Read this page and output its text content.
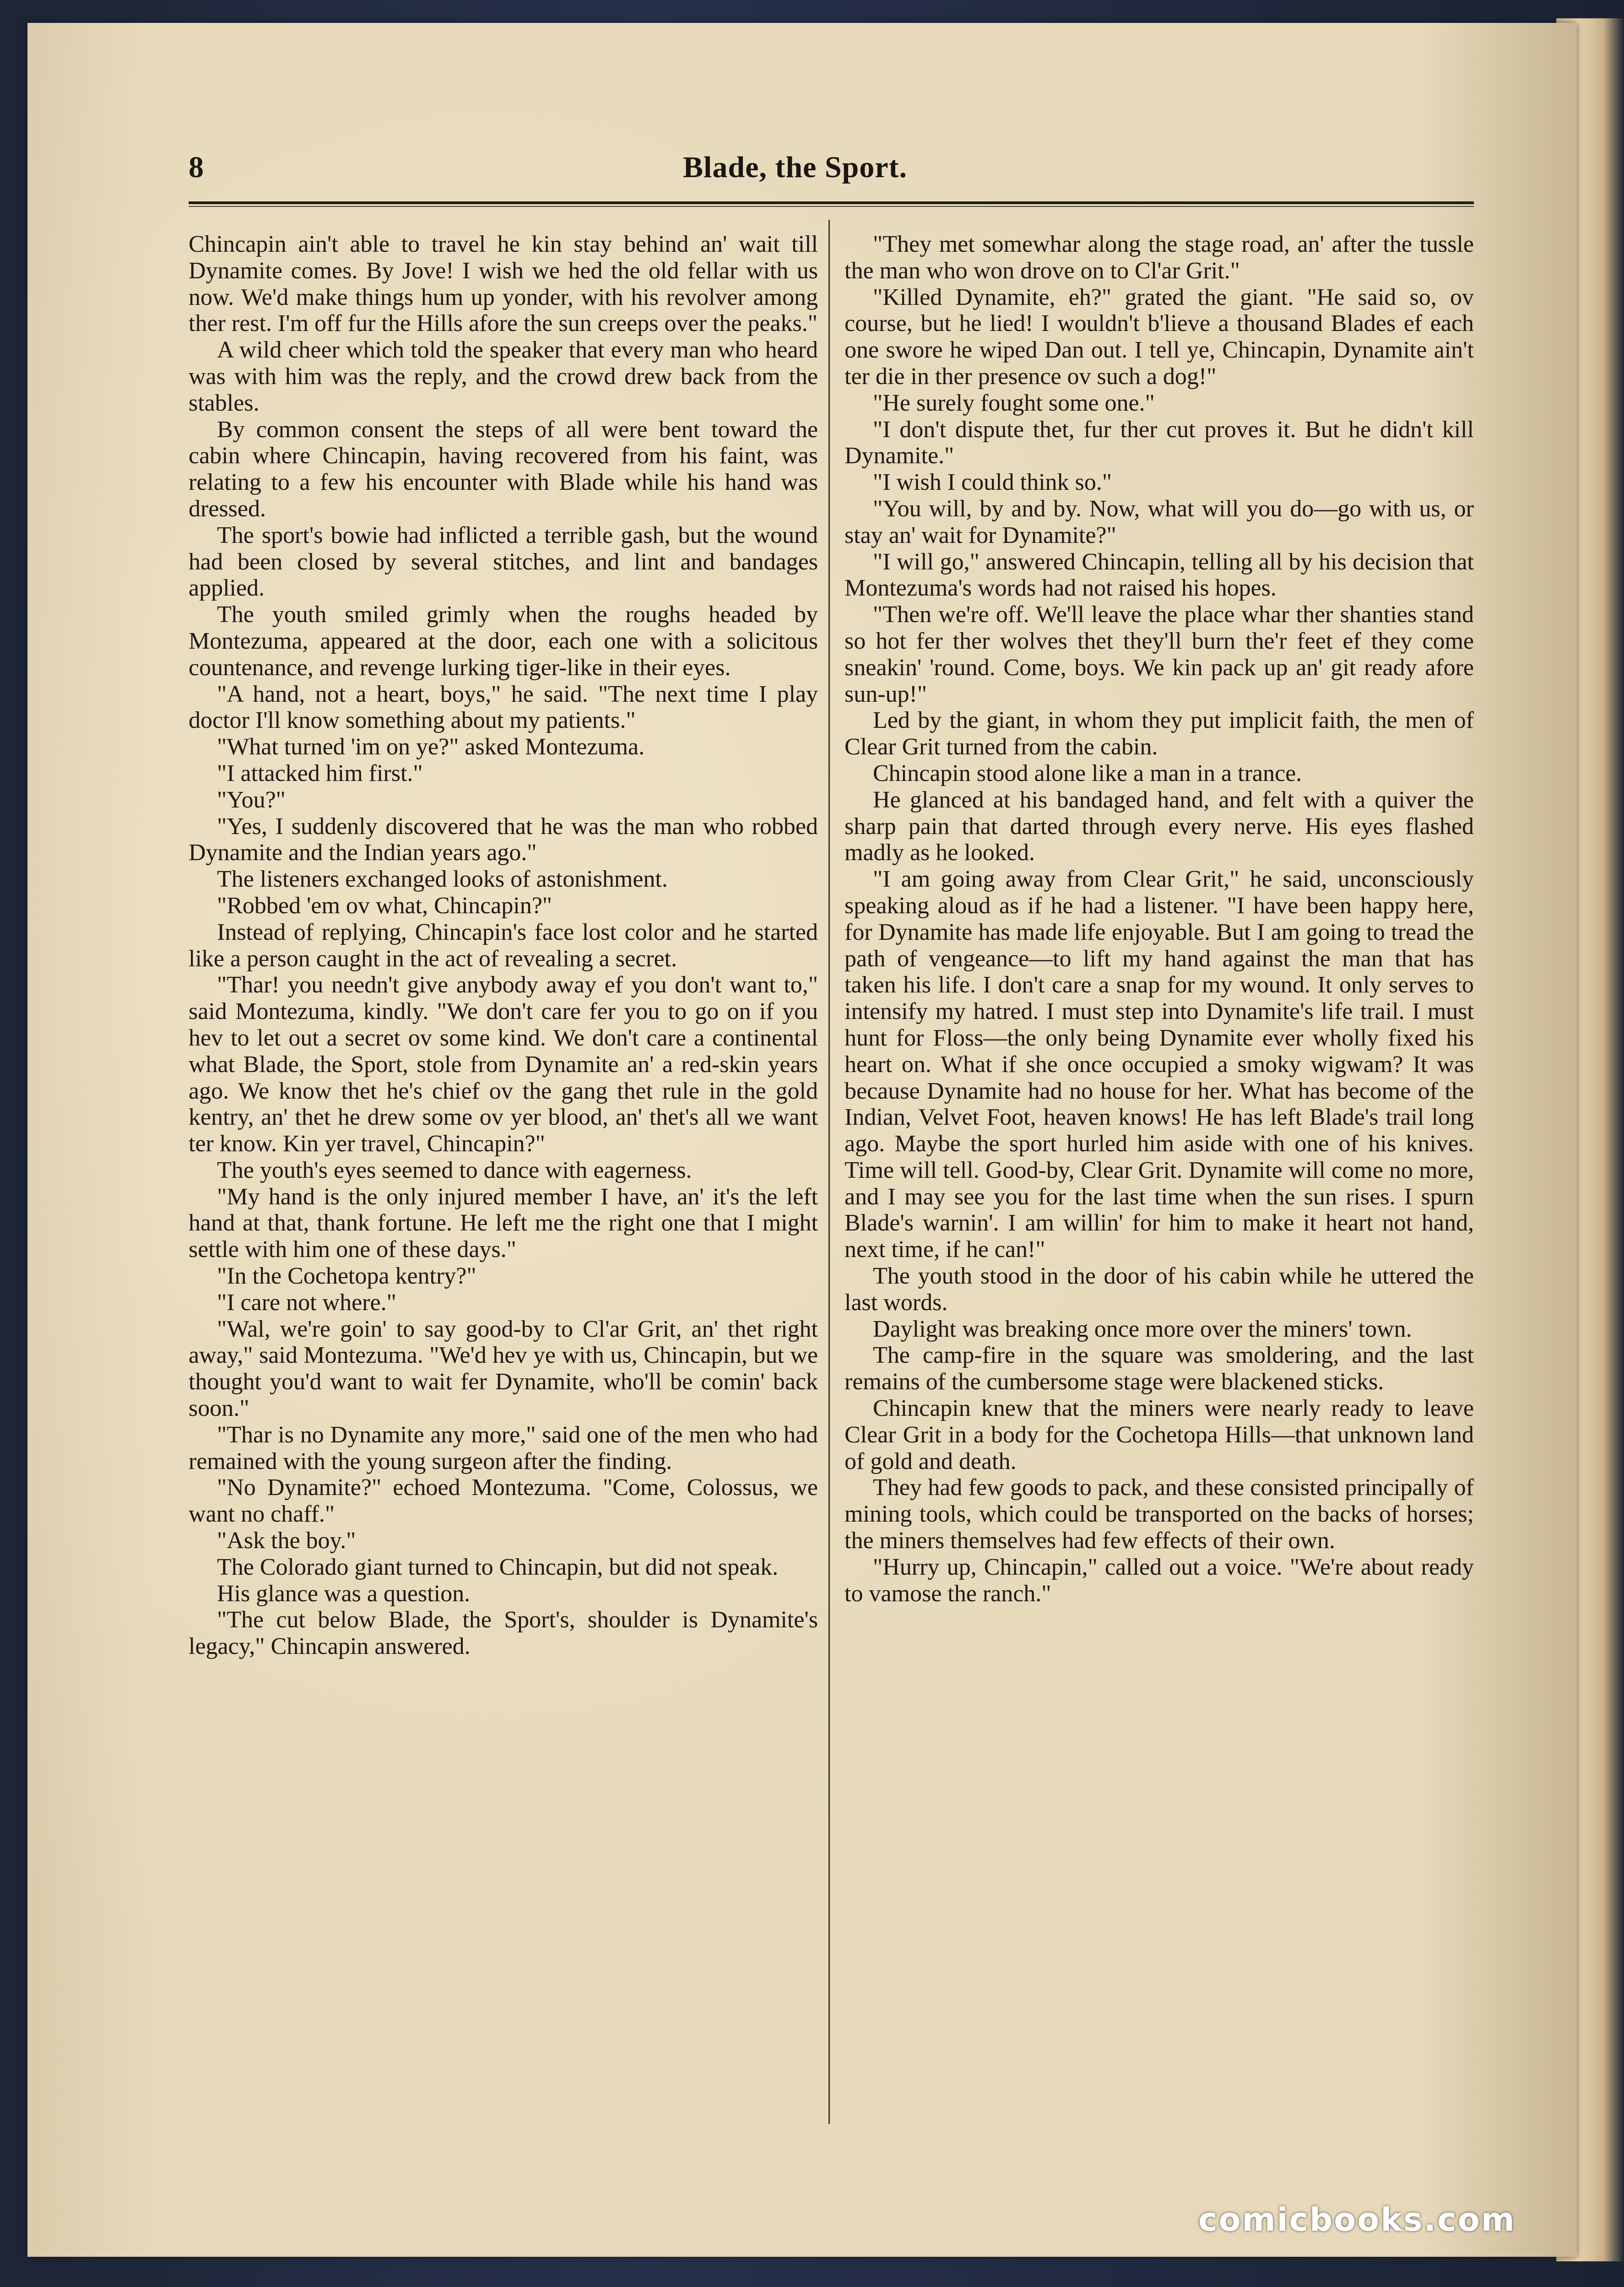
8	Blade, the Sport.

Chincapin ain't able to travel he kin stay behind an' wait till Dynamite comes. By Jove! I wish we hed the old fellar with us now. We'd make things hum up yonder, with his revolver among ther rest. I'm off fur the Hills afore the sun creeps over the peaks."

A wild cheer which told the speaker that every man who heard was with him was the reply, and the crowd drew back from the stables.

By common consent the steps of all were bent toward the cabin where Chincapin, having recovered from his faint, was relating to a few his encounter with Blade while his hand was dressed.

The sport's bowie had inflicted a terrible gash, but the wound had been closed by several stitches, and lint and bandages applied.

The youth smiled grimly when the roughs headed by Montezuma, appeared at the door, each one with a solicitous countenance, and revenge lurking tiger-like in their eyes.

"A hand, not a heart, boys," he said. "The next time I play doctor I'll know something about my patients."

"What turned 'im on ye?" asked Montezuma.

"I attacked him first."

"You?"

"Yes, I suddenly discovered that he was the man who robbed Dynamite and the Indian years ago."

The listeners exchanged looks of astonishment.

"Robbed 'em ov what, Chincapin?"

Instead of replying, Chincapin's face lost color and he started like a person caught in the act of revealing a secret.

"Thar! you needn't give anybody away ef you don't want to," said Montezuma, kindly. "We don't care fer you to go on if you hev to let out a secret ov some kind. We don't care a continental what Blade, the Sport, stole from Dynamite an' a red-skin years ago. We know thet he's chief ov the gang thet rule in the gold kentry, an' thet he drew some ov yer blood, an' thet's all we want ter know. Kin yer travel, Chincapin?"

The youth's eyes seemed to dance with eagerness.

"My hand is the only injured member I have, an' it's the left hand at that, thank fortune. He left me the right one that I might settle with him one of these days."

"In the Cochetopa kentry?"

"I care not where."

"Wal, we're goin' to say good-by to Cl'ar Grit, an' thet right away," said Montezuma. "We'd hev ye with us, Chincapin, but we thought you'd want to wait fer Dynamite, who'll be comin' back soon."

"Thar is no Dynamite any more," said one of the men who had remained with the young surgeon after the finding.

"No Dynamite?" echoed Montezuma. "Come, Colossus, we want no chaff."

"Ask the boy."

The Colorado giant turned to Chincapin, but did not speak.

His glance was a question.

"The cut below Blade, the Sport's, shoulder is Dynamite's legacy," Chincapin answered.

"They met somewhar along the stage road, an' after the tussle the man who won drove on to Cl'ar Grit."

"Killed Dynamite, eh?" grated the giant. "He said so, ov course, but he lied! I wouldn't b'lieve a thousand Blades ef each one swore he wiped Dan out. I tell ye, Chincapin, Dynamite ain't ter die in ther presence ov such a dog!"

"He surely fought some one."

"I don't dispute thet, fur ther cut proves it. But he didn't kill Dynamite."

"I wish I could think so."

"You will, by and by. Now, what will you do—go with us, or stay an' wait for Dynamite?"

"I will go," answered Chincapin, telling all by his decision that Montezuma's words had not raised his hopes.

"Then we're off. We'll leave the place whar ther shanties stand so hot fer ther wolves thet they'll burn the'r feet ef they come sneakin' 'round. Come, boys. We kin pack up an' git ready afore sun-up!"

Led by the giant, in whom they put implicit faith, the men of Clear Grit turned from the cabin.

Chincapin stood alone like a man in a trance.

He glanced at his bandaged hand, and felt with a quiver the sharp pain that darted through every nerve. His eyes flashed madly as he looked.

"I am going away from Clear Grit," he said, unconsciously speaking aloud as if he had a listener. "I have been happy here, for Dynamite has made life enjoyable. But I am going to tread the path of vengeance—to lift my hand against the man that has taken his life. I don't care a snap for my wound. It only serves to intensify my hatred. I must step into Dynamite's life trail. I must hunt for Floss—the only being Dynamite ever wholly fixed his heart on. What if she once occupied a smoky wigwam? It was because Dynamite had no house for her. What has become of the Indian, Velvet Foot, heaven knows! He has left Blade's trail long ago. Maybe the sport hurled him aside with one of his knives. Time will tell. Good-by, Clear Grit. Dynamite will come no more, and I may see you for the last time when the sun rises. I spurn Blade's warnin'. I am willin' for him to make it heart not hand, next time, if he can!"

The youth stood in the door of his cabin while he uttered the last words.

Daylight was breaking once more over the miners' town.

The camp-fire in the square was smoldering, and the last remains of the cumbersome stage were blackened sticks.

Chincapin knew that the miners were nearly ready to leave Clear Grit in a body for the Cochetopa Hills—that unknown land of gold and death.

They had few goods to pack, and these consisted principally of mining tools, which could be transported on the backs of horses; the miners themselves had few effects of their own.

"Hurry up, Chincapin," called out a voice. "We're about ready to vamose the ranch."

comicbooks.com
